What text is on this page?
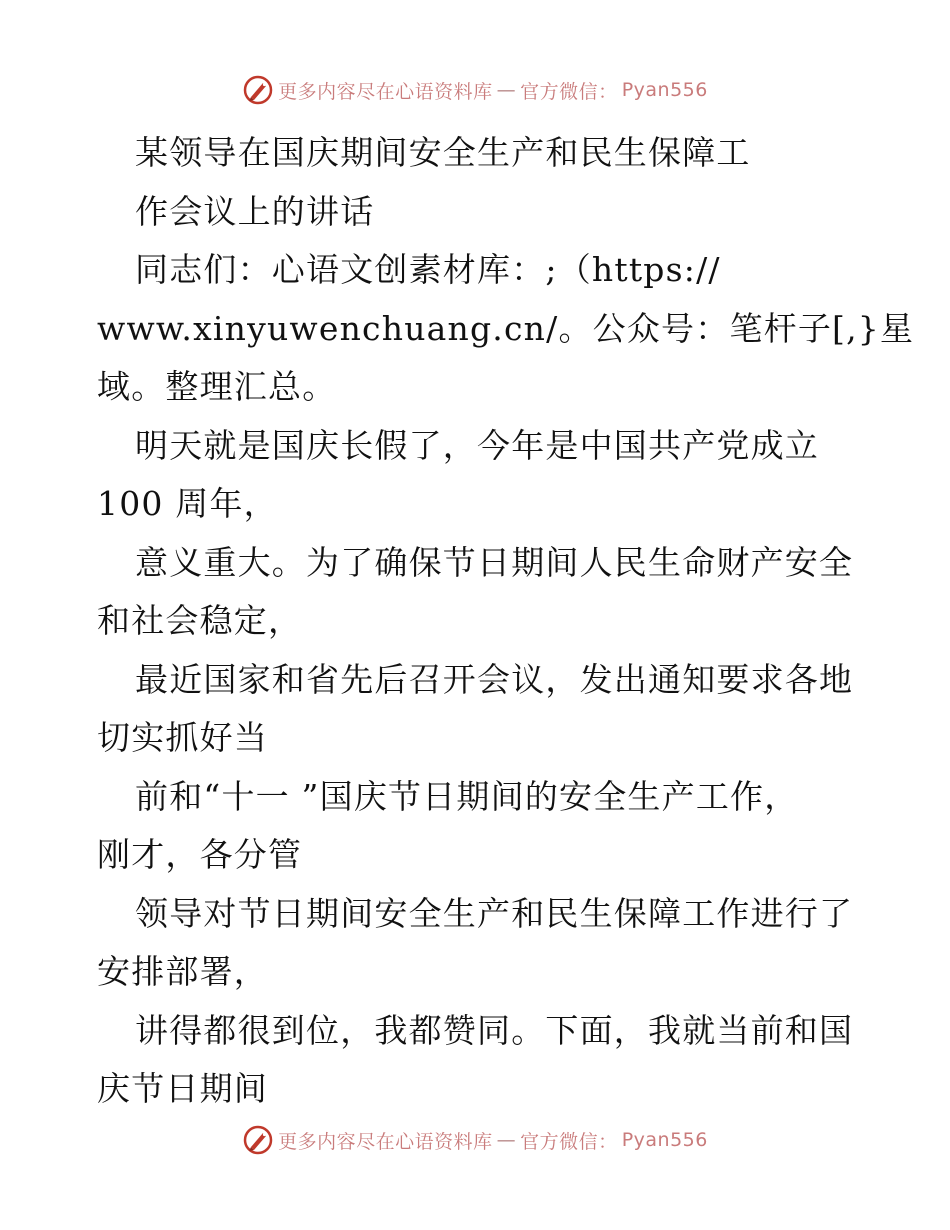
更多内容尽在心语资料库 — 官方微信： Pyan556
某领导在国庆期间安全生产和民生保障工
作会议上的讲话
同志们：心语文创素材库：;（https://
www.xinyuwenchuang.cn/。公众号：笔杆子[,}星
域。整理汇总。
明天就是国庆长假了，今年是中国共产党成立
100 周年，
意义重大。为了确保节日期间人民生命财产安全
和社会稳定，
最近国家和省先后召开会议，发出通知要求各地
切实抓好当
前和“十一 ”国庆节日期间的安全生产工作，
刚才，各分管
领导对节日期间安全生产和民生保障工作进行了
安排部署，
讲得都很到位，我都赞同。下面，我就当前和国
庆节日期间
更多内容尽在心语资料库 — 官方微信： Pyan556
